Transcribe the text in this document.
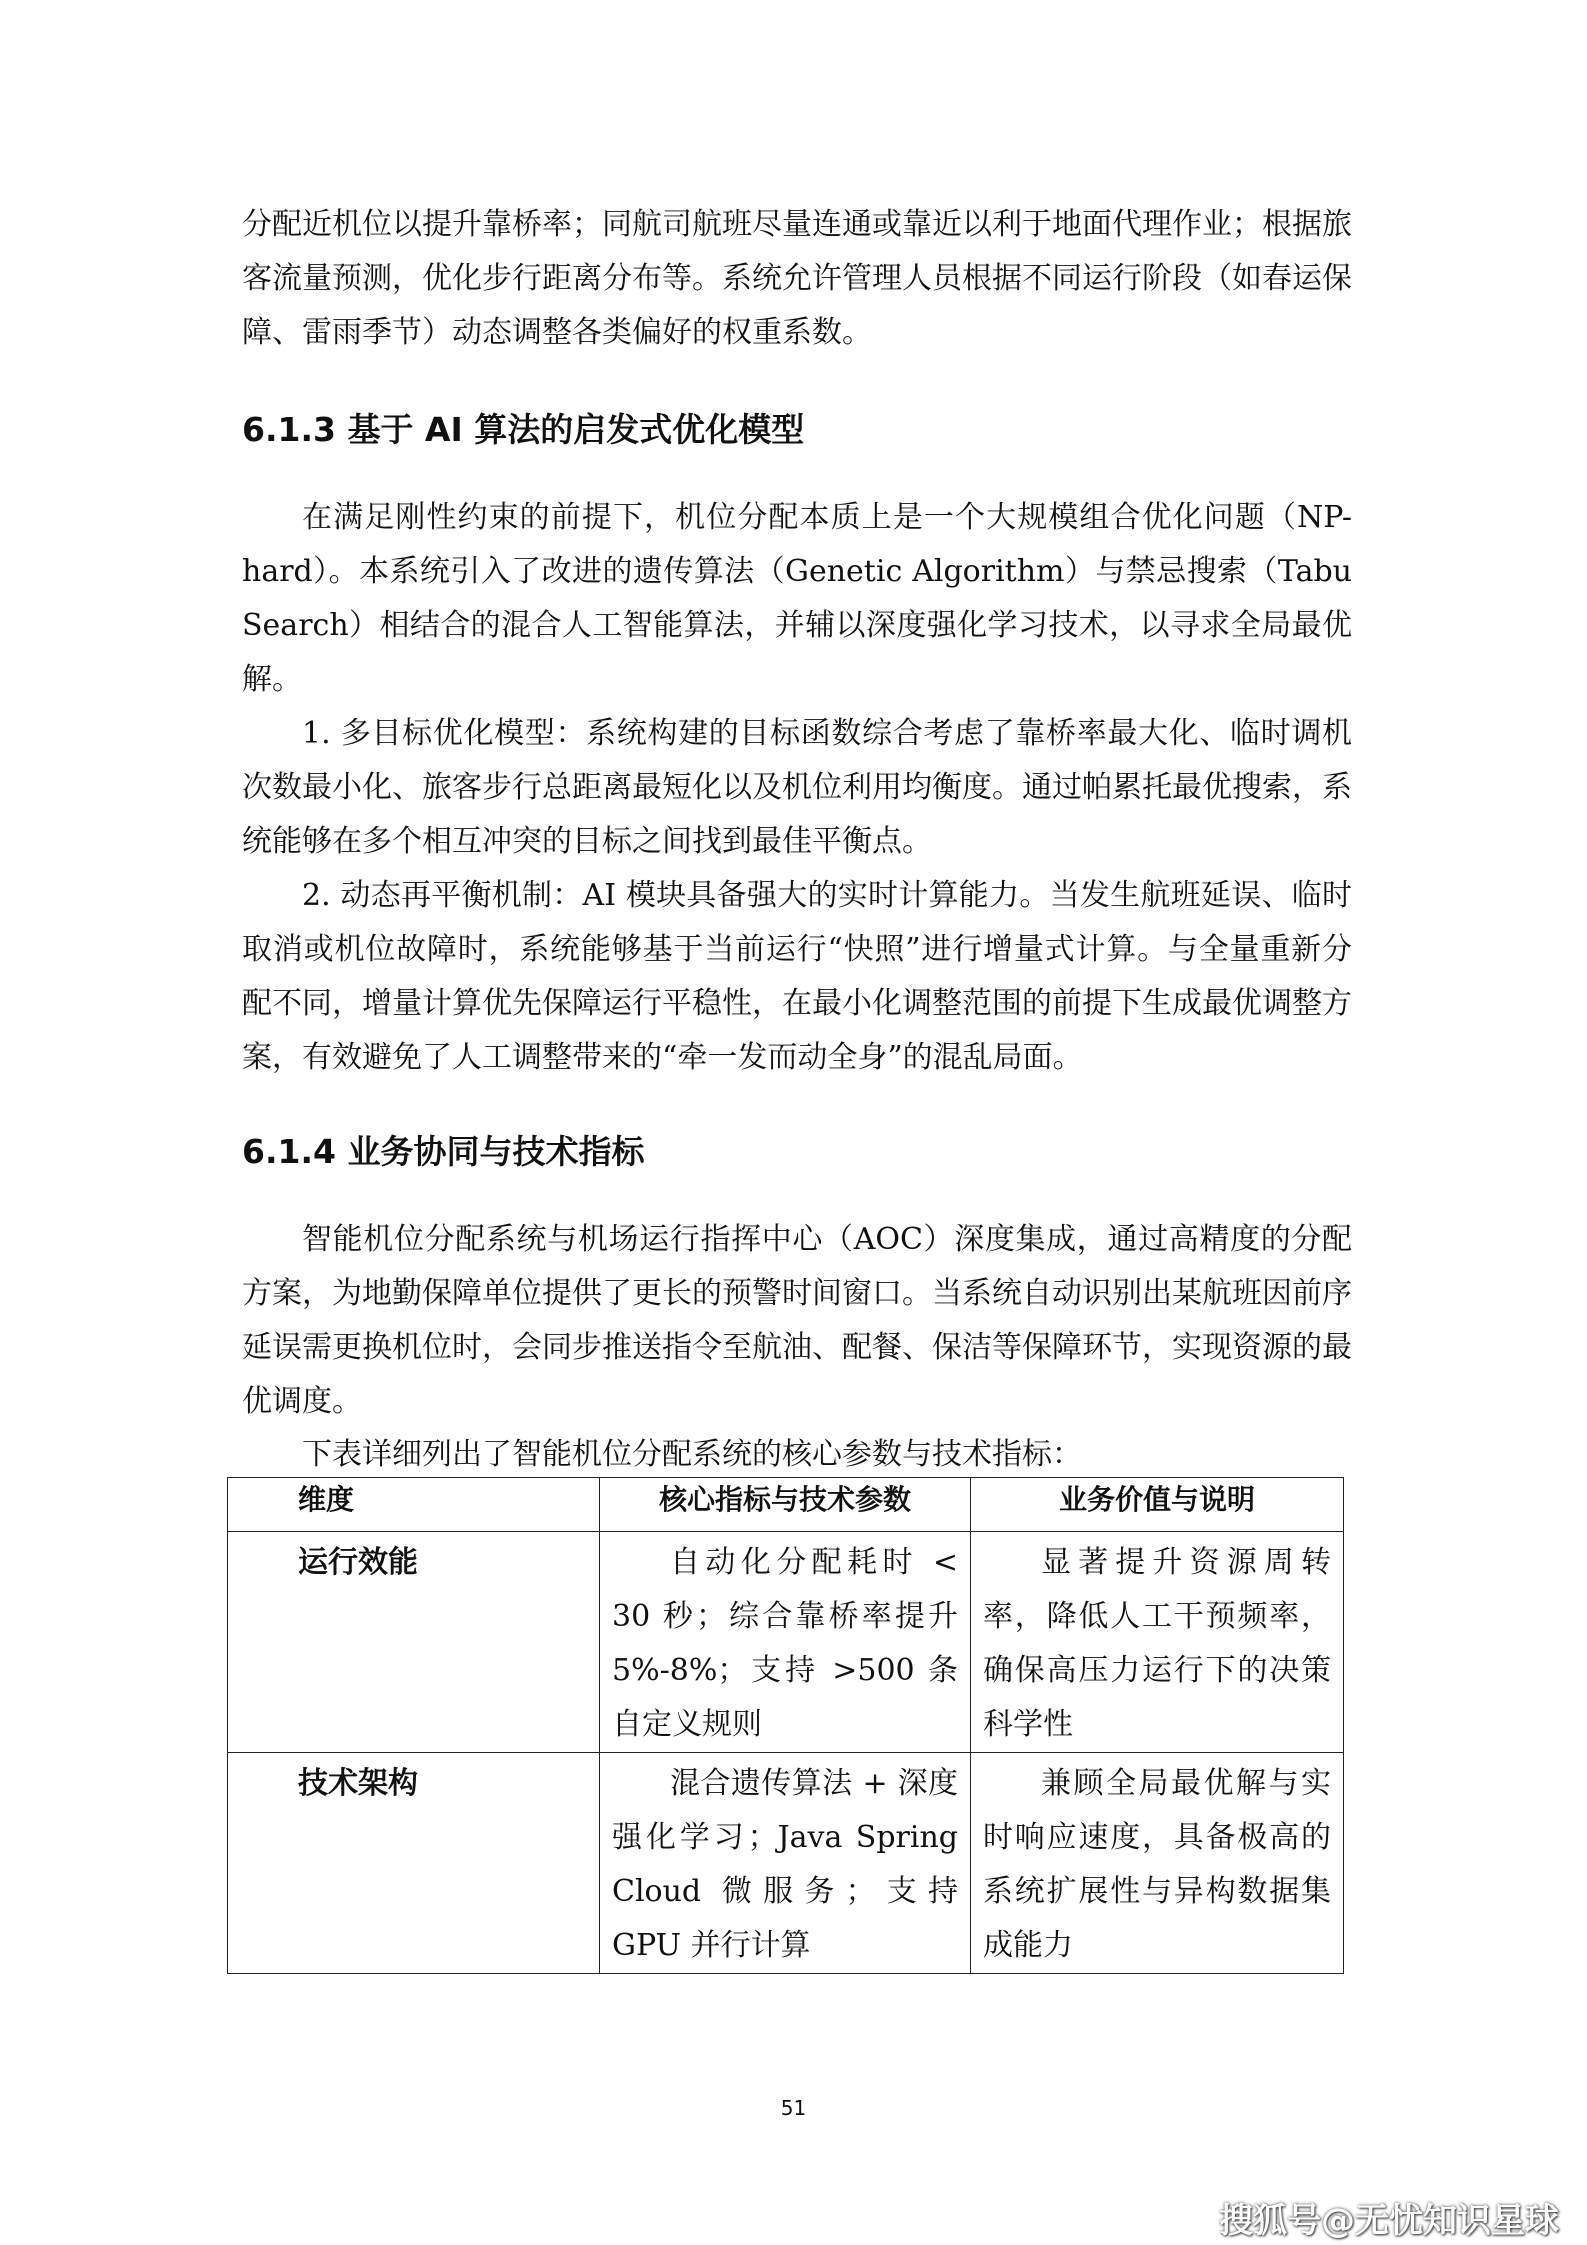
分配近机位以提升靠桥率；同航司航班尽量连通或靠近以利于地面代理作业；根据旅客流量预测，优化步行距离分布等。系统允许管理人员根据不同运行阶段（如春运保障、雷雨季节）动态调整各类偏好的权重系数。

6.1.3 基于 AI 算法的启发式优化模型

在满足刚性约束的前提下，机位分配本质上是一个大规模组合优化问题（NP-hard）。本系统引入了改进的遗传算法（Genetic Algorithm）与禁忌搜索（Tabu Search）相结合的混合人工智能算法，并辅以深度强化学习技术，以寻求全局最优解。

1. 多目标优化模型：系统构建的目标函数综合考虑了靠桥率最大化、临时调机次数最小化、旅客步行总距离最短化以及机位利用均衡度。通过帕累托最优搜索，系统能够在多个相互冲突的目标之间找到最佳平衡点。

2. 动态再平衡机制：AI 模块具备强大的实时计算能力。当发生航班延误、临时取消或机位故障时，系统能够基于当前运行“快照”进行增量式计算。与全量重新分配不同，增量计算优先保障运行平稳性，在最小化调整范围的前提下生成最优调整方案，有效避免了人工调整带来的“牵一发而动全身”的混乱局面。

6.1.4 业务协同与技术指标

智能机位分配系统与机场运行指挥中心（AOC）深度集成，通过高精度的分配方案，为地勤保障单位提供了更长的预警时间窗口。当系统自动识别出某航班因前序延误需更换机位时，会同步推送指令至航油、配餐、保洁等保障环节，实现资源的最优调度。

下表详细列出了智能机位分配系统的核心参数与技术指标：

维度	核心指标与技术参数	业务价值与说明
运行效能	自动化分配耗时 < 30 秒；综合靠桥率提升 5%-8%；支持 >500 条自定义规则	显著提升资源周转率，降低人工干预频率，确保高压力运行下的决策科学性

技术架构	混合遗传算法 + 深度强化学习；Java Spring Cloud 微服务；支持 GPU 并行计算	兼顾全局最优解与实时响应速度，具备极高的系统扩展性与异构数据集成能力
51
搜狐号@无忧知识星球
